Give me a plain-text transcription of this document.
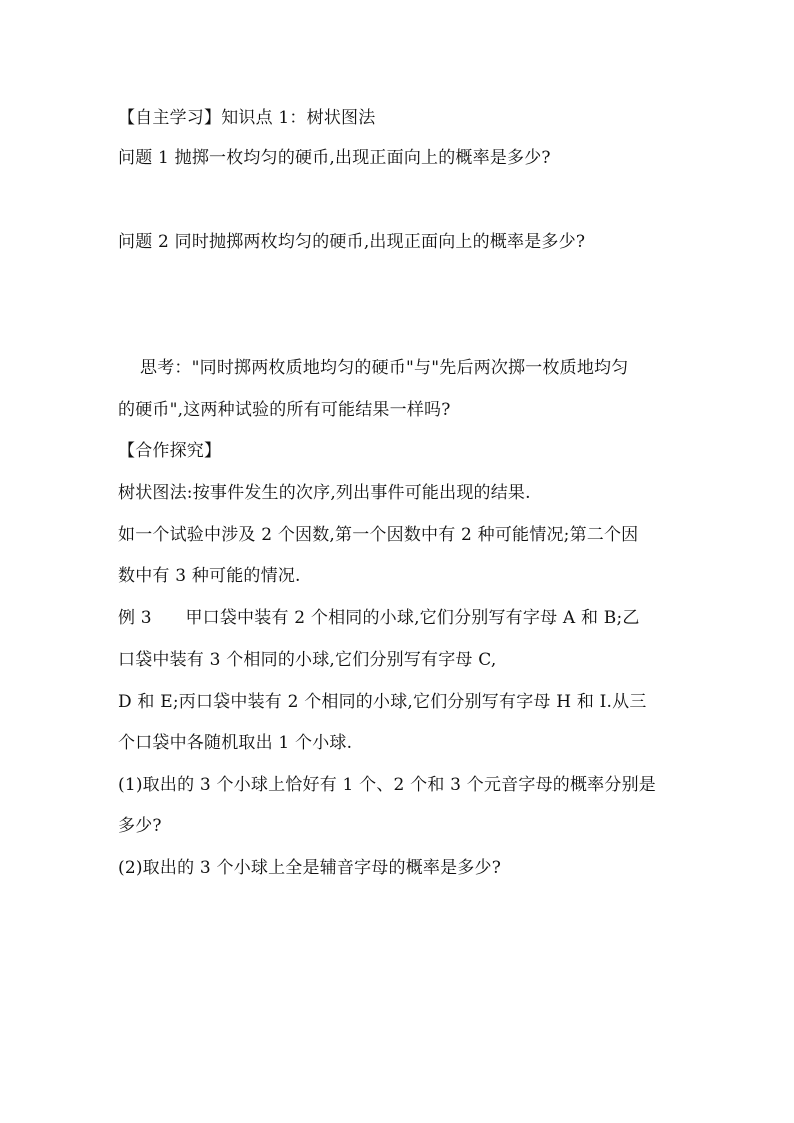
【自主学习】知识点 1：树状图法
问题 1 抛掷一枚均匀的硬币,出现正面向上的概率是多少?
问题 2 同时抛掷两枚均匀的硬币,出现正面向上的概率是多少?
思考："同时掷两枚质地均匀的硬币"与"先后两次掷一枚质地均匀
的硬币",这两种试验的所有可能结果一样吗?
【合作探究】
树状图法:按事件发生的次序,列出事件可能出现的结果.
如一个试验中涉及 2 个因数,第一个因数中有 2 种可能情况;第二个因
数中有 3 种可能的情况.
例 3      甲口袋中装有 2 个相同的小球,它们分别写有字母 A 和 B;乙
口袋中装有 3 个相同的小球,它们分别写有字母 C,
D 和 E;丙口袋中装有 2 个相同的小球,它们分别写有字母 H 和 I.从三
个口袋中各随机取出 1 个小球.
(1)取出的 3 个小球上恰好有 1 个、2 个和 3 个元音字母的概率分别是
多少?
(2)取出的 3 个小球上全是辅音字母的概率是多少?
